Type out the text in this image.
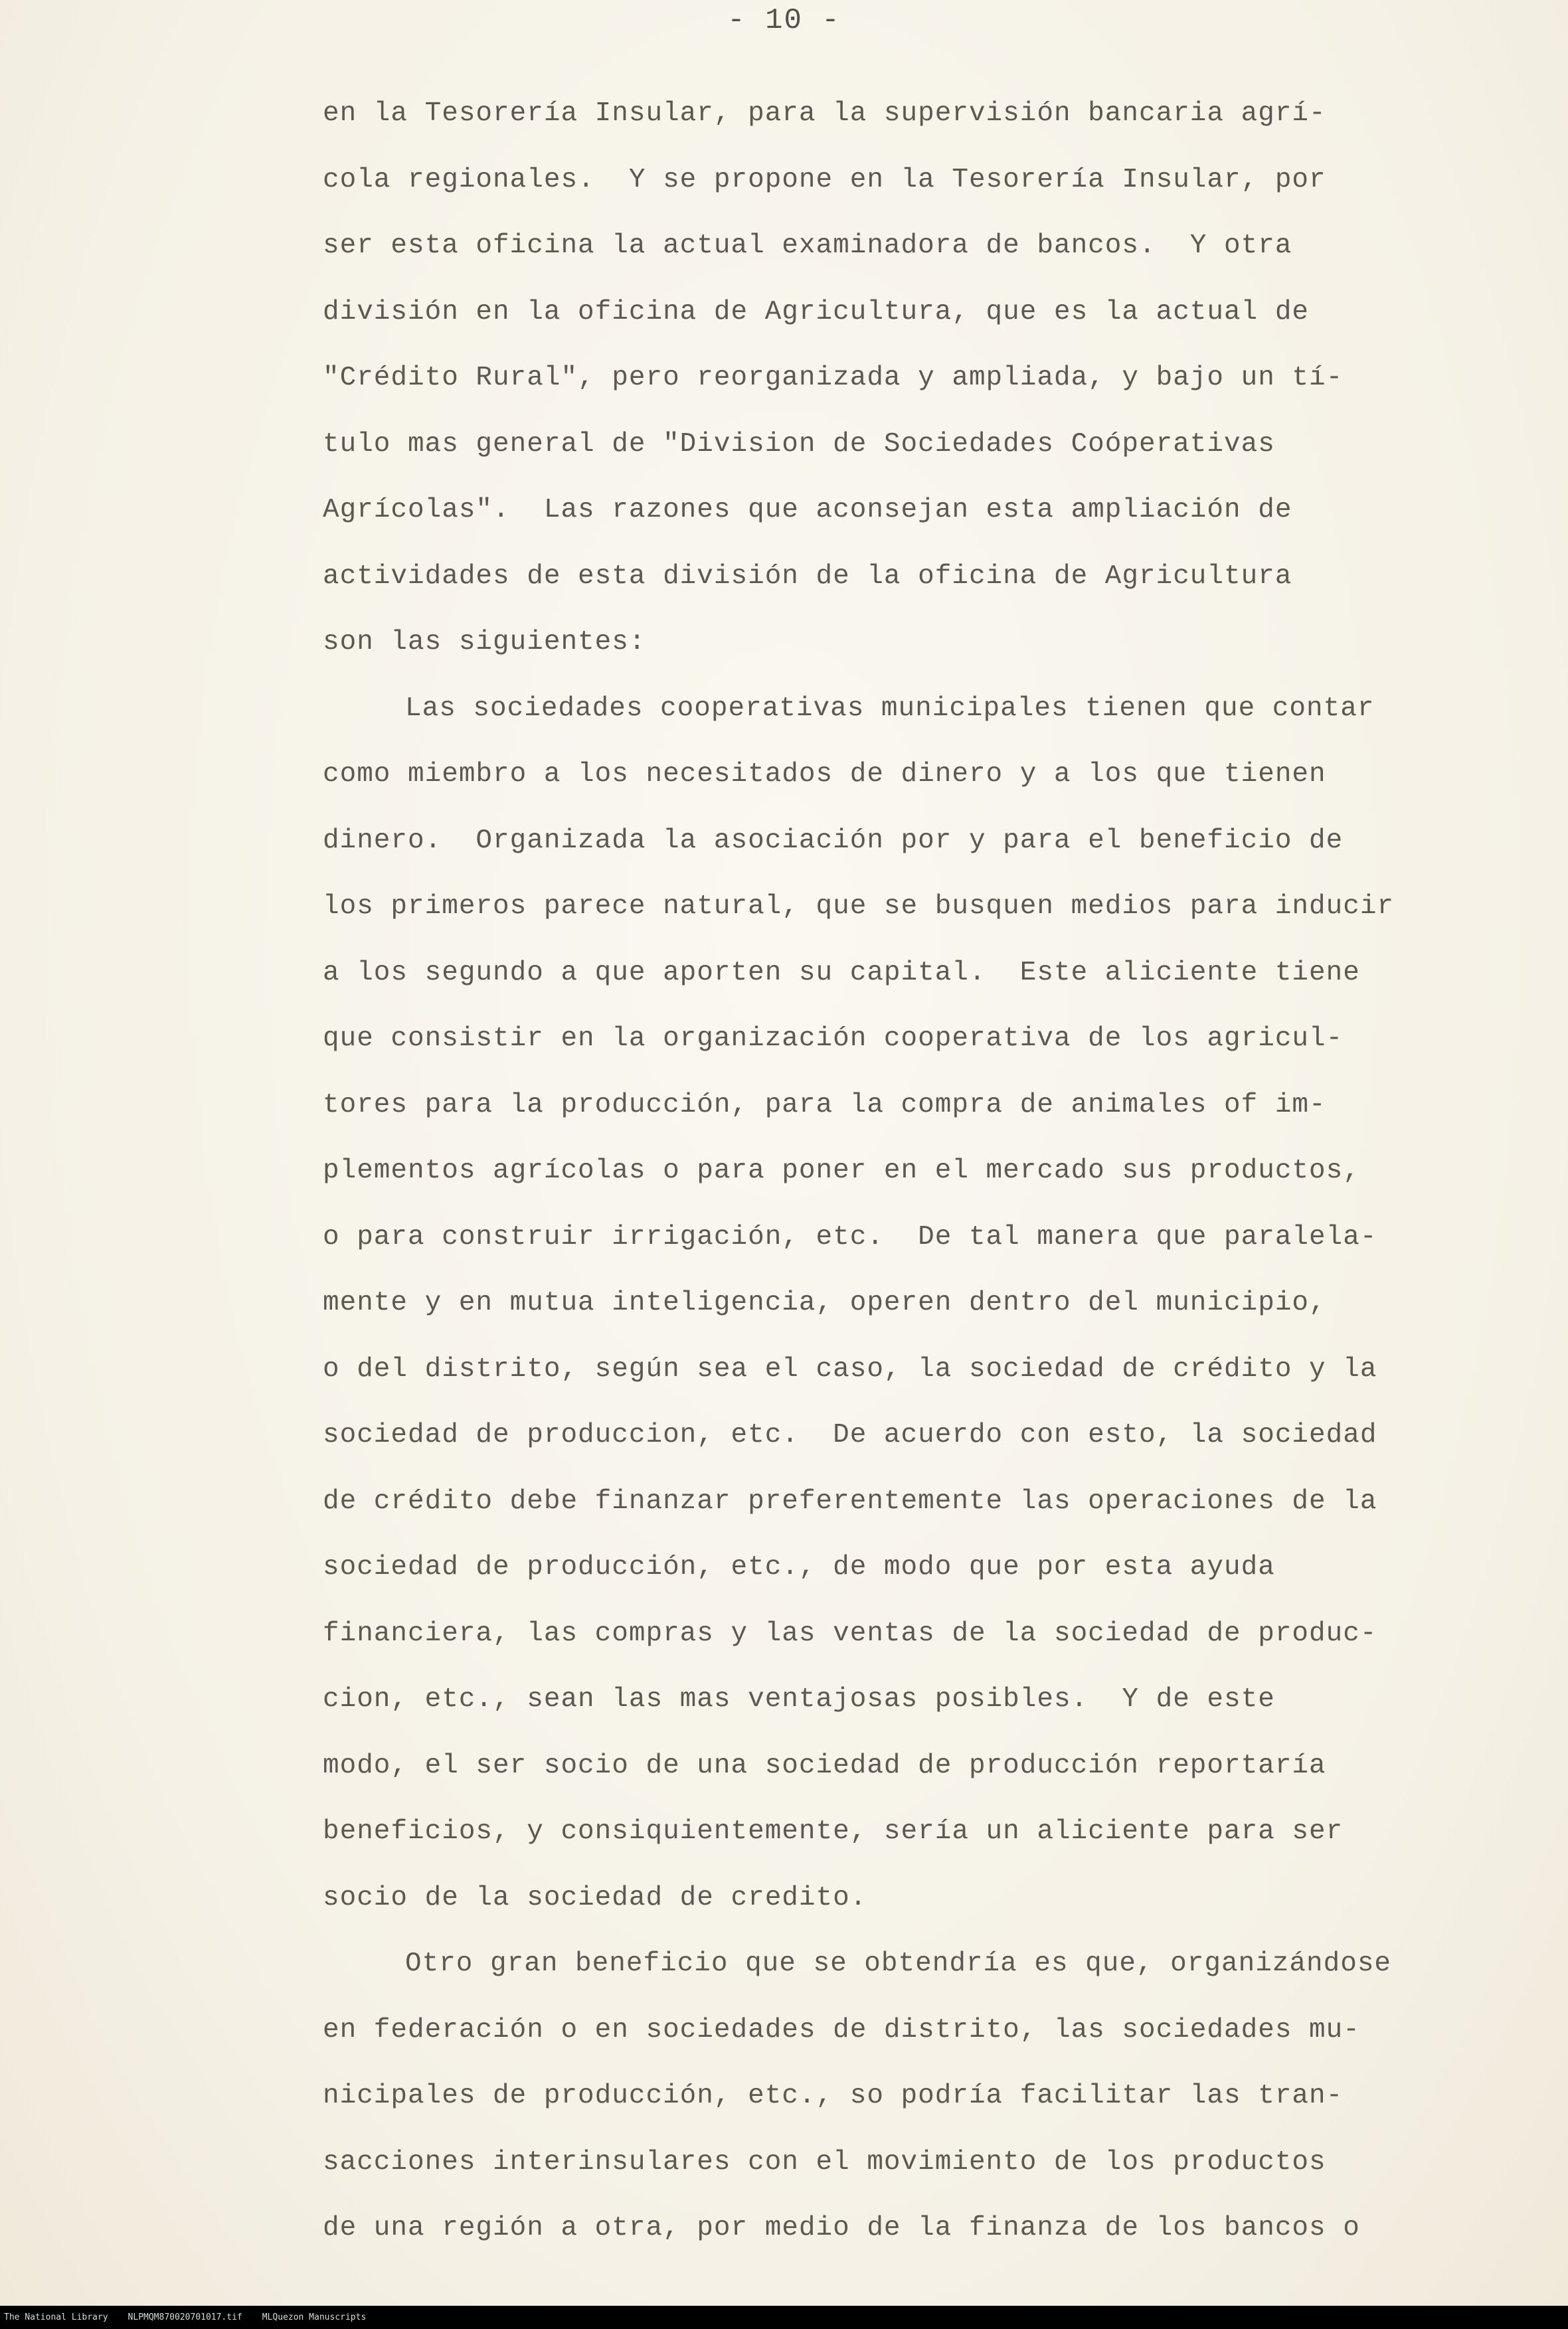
- 10 -
en la Tesorería Insular, para la supervisión bancaria agrí-
cola regionales.  Y se propone en la Tesorería Insular, por
ser esta oficina la actual examinadora de bancos.  Y otra
división en la oficina de Agricultura, que es la actual de
"Crédito Rural", pero reorganizada y ampliada, y bajo un tí-
tulo mas general de "Division de Sociedades Coóperativas
Agrícolas".  Las razones que aconsejan esta ampliación de
actividades de esta división de la oficina de Agricultura
son las siguientes:
Las sociedades cooperativas municipales tienen que contar
como miembro a los necesitados de dinero y a los que tienen
dinero.  Organizada la asociación por y para el beneficio de
los primeros parece natural, que se busquen medios para inducir
a los segundo a que aporten su capital.  Este aliciente tiene
que consistir en la organización cooperativa de los agricul-
tores para la producción, para la compra de animales of im-
plementos agrícolas o para poner en el mercado sus productos,
o para construir irrigación, etc.  De tal manera que paralela-
mente y en mutua inteligencia, operen dentro del municipio,
o del distrito, según sea el caso, la sociedad de crédito y la
sociedad de produccion, etc.  De acuerdo con esto, la sociedad
de crédito debe finanzar preferentemente las operaciones de la
sociedad de producción, etc., de modo que por esta ayuda
financiera, las compras y las ventas de la sociedad de produc-
cion, etc., sean las mas ventajosas posibles.  Y de este
modo, el ser socio de una sociedad de producción reportaría
beneficios, y consiquientemente, sería un aliciente para ser
socio de la sociedad de credito.
Otro gran beneficio que se obtendría es que, organizándose
en federación o en sociedades de distrito, las sociedades mu-
nicipales de producción, etc., so podría facilitar las tran-
sacciones interinsulares con el movimiento de los productos
de una región a otra, por medio de la finanza de los bancos o
The National Library NLPMQM870020701017.tif MLQuezon Manuscripts
